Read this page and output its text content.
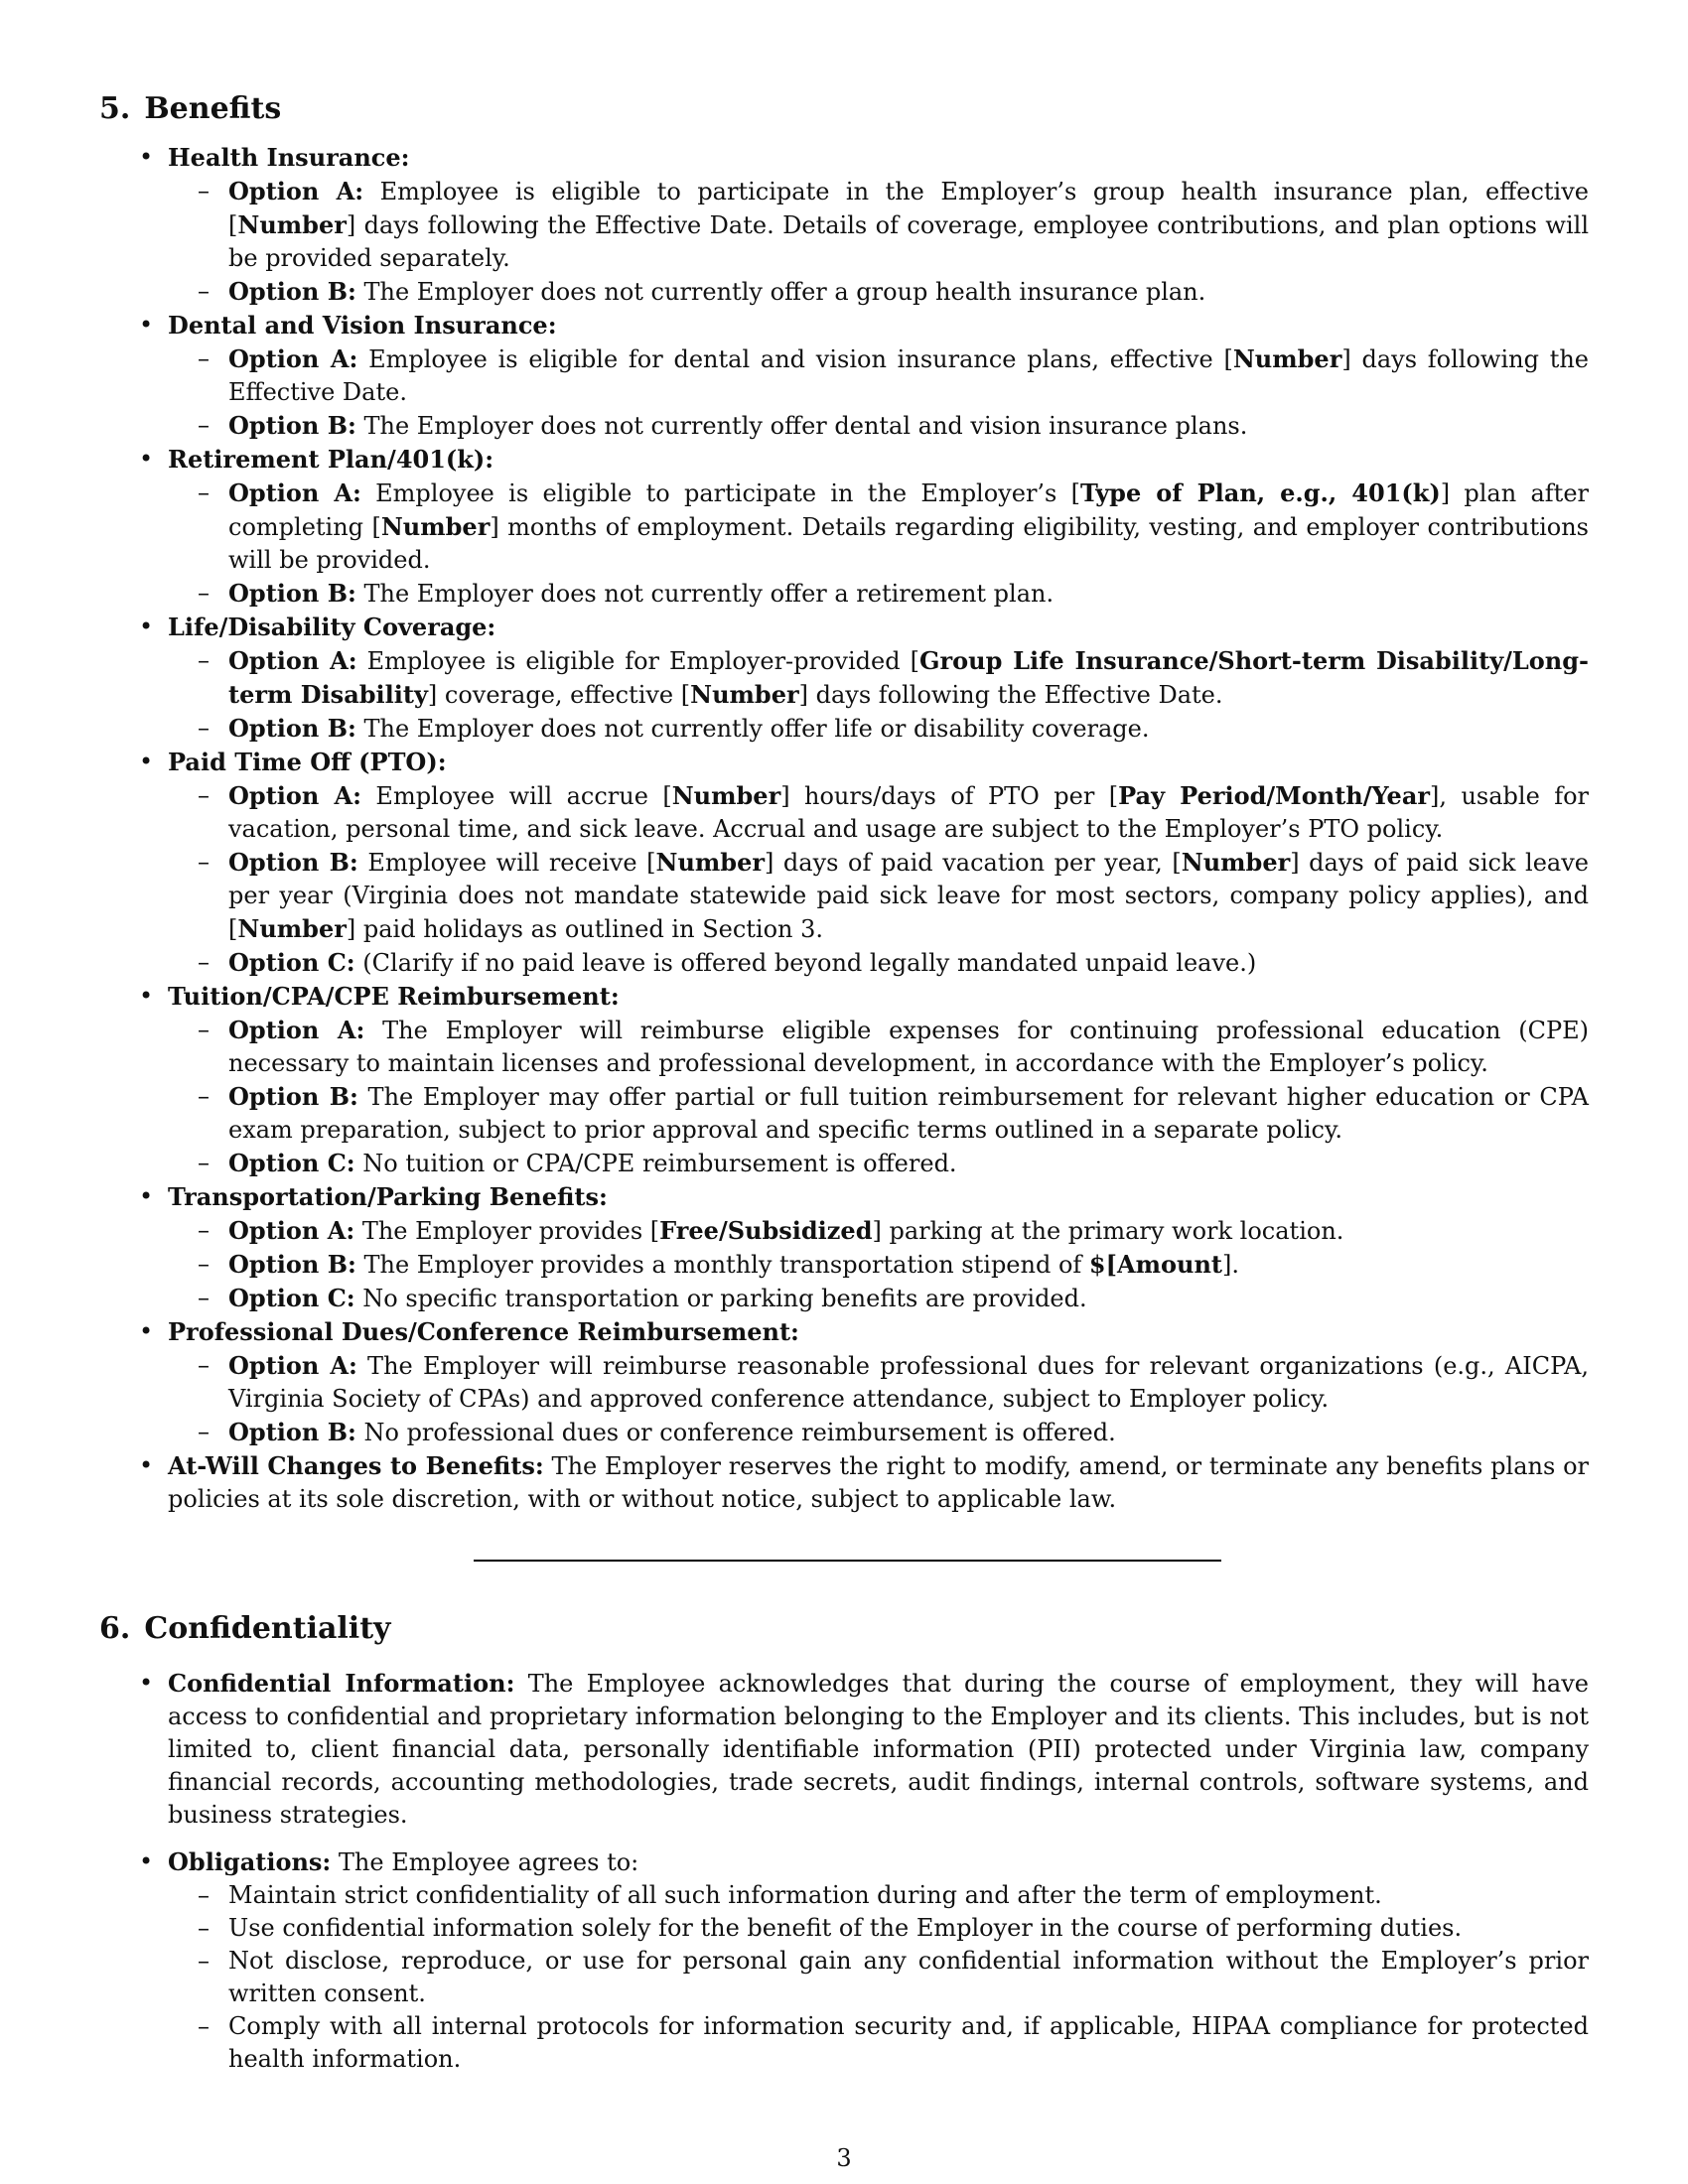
5. Benefits
• Health Insurance:
– Option A: Employee is eligible to participate in the Employer’s group health insurance plan, effective [Number] days following the Effective Date. Details of coverage, employee contributions, and plan options will be provided separately.
– Option B: The Employer does not currently offer a group health insurance plan.
• Dental and Vision Insurance:
– Option A: Employee is eligible for dental and vision insurance plans, effective [Number] days following the Effective Date.
– Option B: The Employer does not currently offer dental and vision insurance plans.
• Retirement Plan/401(k):
– Option A: Employee is eligible to participate in the Employer’s [Type of Plan, e.g., 401(k)] plan after completing [Number] months of employment. Details regarding eligibility, vesting, and employer contributions will be provided.
– Option B: The Employer does not currently offer a retirement plan.
• Life/Disability Coverage:
– Option A: Employee is eligible for Employer-provided [Group Life Insurance/Short-term Disability/Long-term Disability] coverage, effective [Number] days following the Effective Date.
– Option B: The Employer does not currently offer life or disability coverage.
• Paid Time Off (PTO):
– Option A: Employee will accrue [Number] hours/days of PTO per [Pay Period/Month/Year], usable for vacation, personal time, and sick leave. Accrual and usage are subject to the Employer’s PTO policy.
– Option B: Employee will receive [Number] days of paid vacation per year, [Number] days of paid sick leave per year (Virginia does not mandate statewide paid sick leave for most sectors, company policy applies), and [Number] paid holidays as outlined in Section 3.
– Option C: (Clarify if no paid leave is offered beyond legally mandated unpaid leave.)
• Tuition/CPA/CPE Reimbursement:
– Option A: The Employer will reimburse eligible expenses for continuing professional education (CPE) necessary to maintain licenses and professional development, in accordance with the Employer’s policy.
– Option B: The Employer may offer partial or full tuition reimbursement for relevant higher education or CPA exam preparation, subject to prior approval and specific terms outlined in a separate policy.
– Option C: No tuition or CPA/CPE reimbursement is offered.
• Transportation/Parking Benefits:
– Option A: The Employer provides [Free/Subsidized] parking at the primary work location.
– Option B: The Employer provides a monthly transportation stipend of $[Amount].
– Option C: No specific transportation or parking benefits are provided.
• Professional Dues/Conference Reimbursement:
– Option A: The Employer will reimburse reasonable professional dues for relevant organizations (e.g., AICPA, Virginia Society of CPAs) and approved conference attendance, subject to Employer policy.
– Option B: No professional dues or conference reimbursement is offered.
• At-Will Changes to Benefits: The Employer reserves the right to modify, amend, or terminate any benefits plans or policies at its sole discretion, with or without notice, subject to applicable law.
6. Confidentiality
• Confidential Information: The Employee acknowledges that during the course of employment, they will have access to confidential and proprietary information belonging to the Employer and its clients. This includes, but is not limited to, client financial data, personally identifiable information (PII) protected under Virginia law, company financial records, accounting methodologies, trade secrets, audit findings, internal controls, software systems, and business strategies.
• Obligations: The Employee agrees to:
– Maintain strict confidentiality of all such information during and after the term of employment.
– Use confidential information solely for the benefit of the Employer in the course of performing duties.
– Not disclose, reproduce, or use for personal gain any confidential information without the Employer’s prior written consent.
– Comply with all internal protocols for information security and, if applicable, HIPAA compliance for protected health information.
3
